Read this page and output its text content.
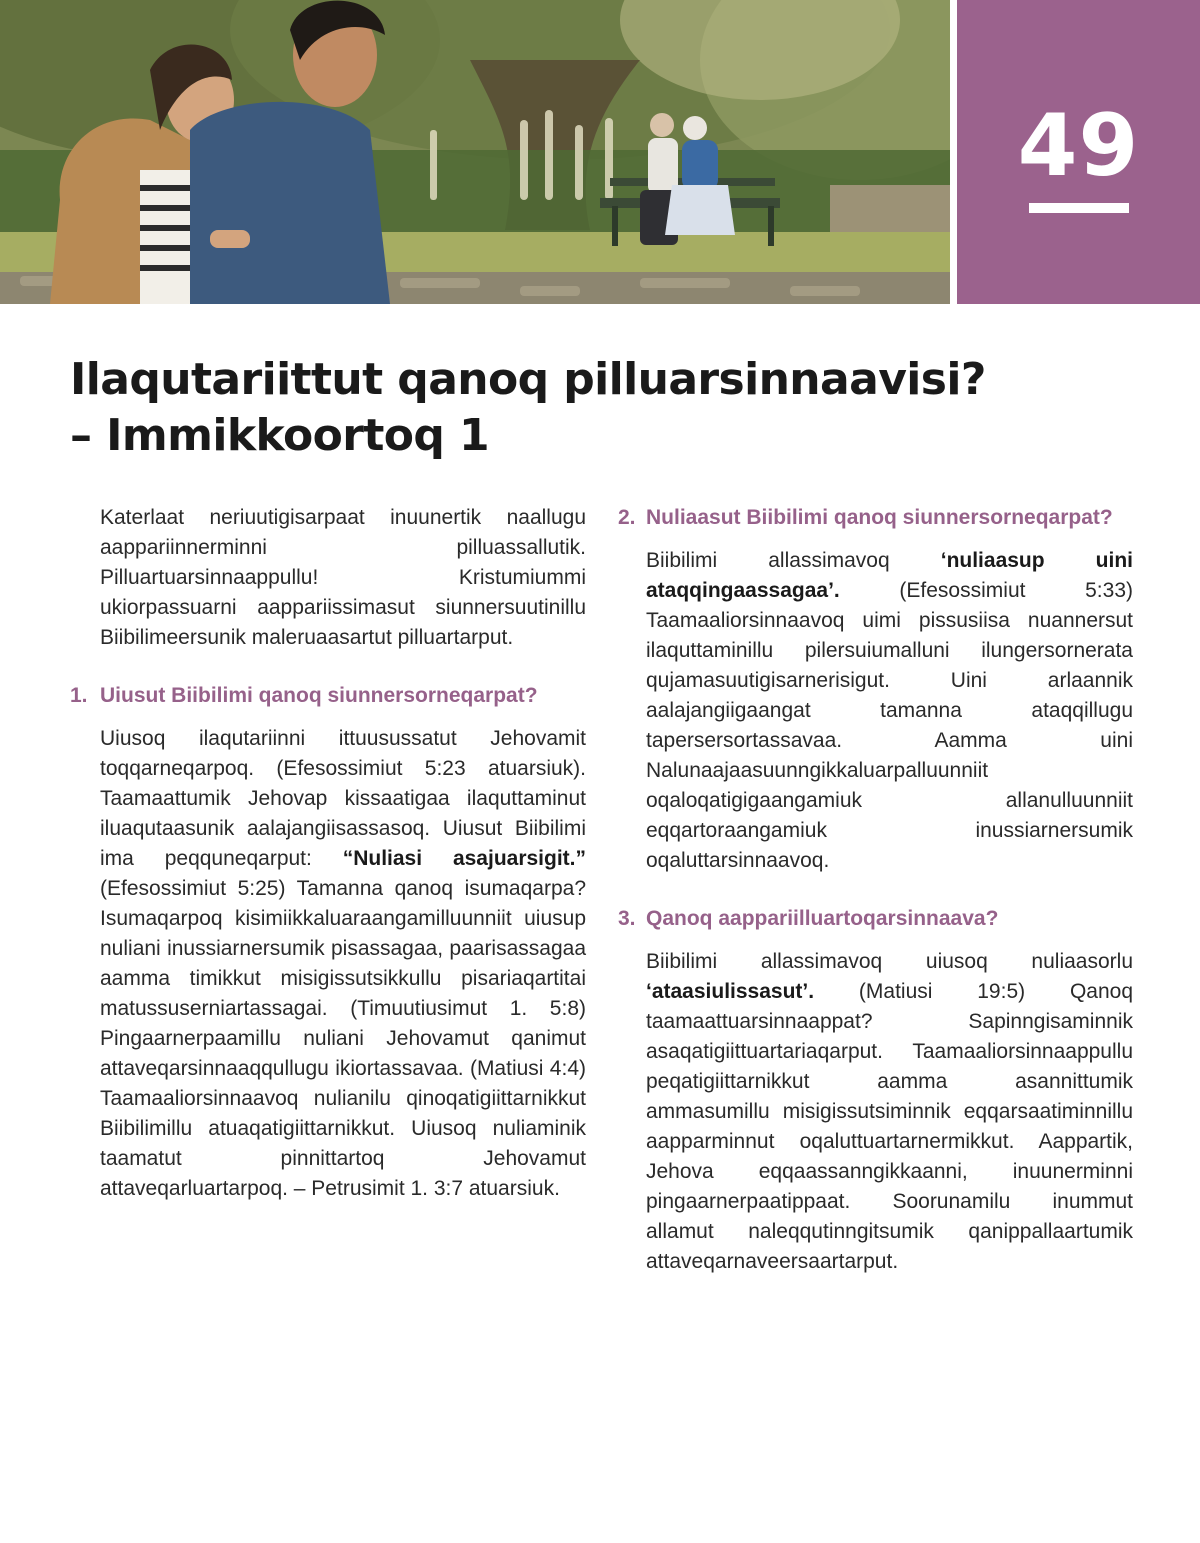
49
Ilaqutariittut qanoq pilluarsinnaavisi?
– Immikkoortoq 1

Katerlaat neriuutigisarpaat inuunertik naallugu aappariinnerminni pilluassallutik. Pilluartuarsinnaappullu! Kristumiummi ukiorpassuarni aappariissimasut siunnersuutinillu Biibilimeersunik maleruaasartut pilluartarput.

1. Uiusut Biibilimi qanoq siunnersorneqarpat?

Uiusoq ilaqutariinni ittuusussatut Jehovamit toqqarneqarpoq. (Efesossimiut 5:23 atuarsiuk). Taamaattumik Jehovap kissaatigaa ilaquttaminut iluaqutaasunik aalajangiisassasoq. Uiusut Biibilimi ima peqquneqarput: “Nuliasi asajuarsigit.” (Efesossimiut 5:25) Tamanna qanoq isumaqarpa? Isumaqarpoq kisimiikkaluaraangamilluunniit uiusup nuliani inussiarnersumik pisassagaa, paarisassagaa aamma timikkut misigissutsikkullu pisariaqartitai matussuserniartassagai. (Timuutiusimut 1. 5:8) Pingaarnerpaamillu nuliani Jehovamut qanimut attaveqarsinnaaqqullugu ikiortassavaa. (Matiusi 4:4) Taamaaliorsinnaavoq nulianilu qinoqatigiittarnikkut Biibilimillu atuaqatigiittarnikkut. Uiusoq nuliaminik taamatut pinnittartoq Jehovamut attaveqarluartarpoq. – Petrusimit 1. 3:7 atuarsiuk.

2. Nuliaasut Biibilimi qanoq siunnersorneqarpat?

Biibilimi allassimavoq ‘nuliaasup uini ataqqingaassagaa’. (Efesossimiut 5:33) Taamaaliorsinnaavoq uimi pissusiisa nuannersut ilaquttaminillu pilersuiumalluni ilungersornerata qujamasuutigisarnerisigut. Uini arlaannik aalajangiigaangat tamanna ataqqillugu tapersersortassavaa. Aamma uini Nalunaajaasuunngikkaluarpalluunniit oqaloqatigigaangamiuk allanulluunniit eqqartoraangamiuk inussiarnersumik oqaluttarsinnaavoq.

3. Qanoq aappariilluartoqarsinnaava?

Biibilimi allassimavoq uiusoq nuliaasorlu ‘ataasiulissasut’. (Matiusi 19:5) Qanoq taamaattuarsinnaappat? Sapinngisaminnik asaqatigiittuartariaqarput. Taamaaliorsinnaappullu peqatigiittarnikkut aamma asannittumik ammasumillu misigissutsiminnik eqqarsaatiminnillu aapparminnut oqaluttuartarnermikkut. Aappartik, Jehova eqqaassanngikkaanni, inuunerminni pingaarnerpaatippaat. Soorunamilu inummut allamut naleqqutinngitsumik qanippallaartumik attaveqarnaveersaartarput.
